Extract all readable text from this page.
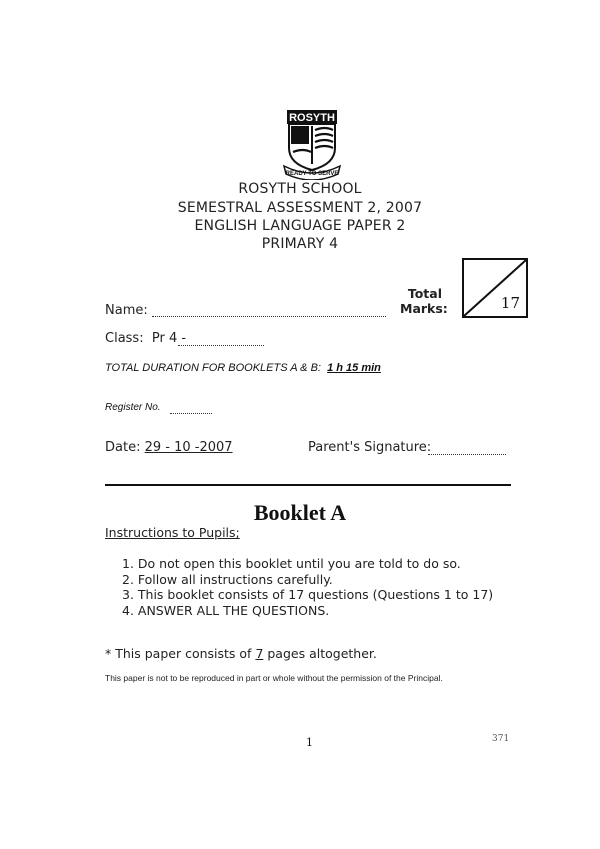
ROSYTH
READY TO SERVE
ROSYTH SCHOOL
SEMESTRAL ASSESSMENT 2, 2007
ENGLISH LANGUAGE PAPER 2
PRIMARY 4
Total
Marks:	17
Name:
Class: Pr 4 -
TOTAL DURATION FOR BOOKLETS A & B: 1 h 15 min
Register No.
Date: 29 - 10 -2007	Parent's Signature:
Booklet A
Instructions to Pupils;
1. Do not open this booklet until you are told to do so.
2. Follow all instructions carefully.
3. This booklet consists of 17 questions (Questions 1 to 17)
4. ANSWER ALL THE QUESTIONS.
* This paper consists of 7 pages altogether.
This paper is not to be reproduced in part or whole without the permission of the Principal.
1	371
